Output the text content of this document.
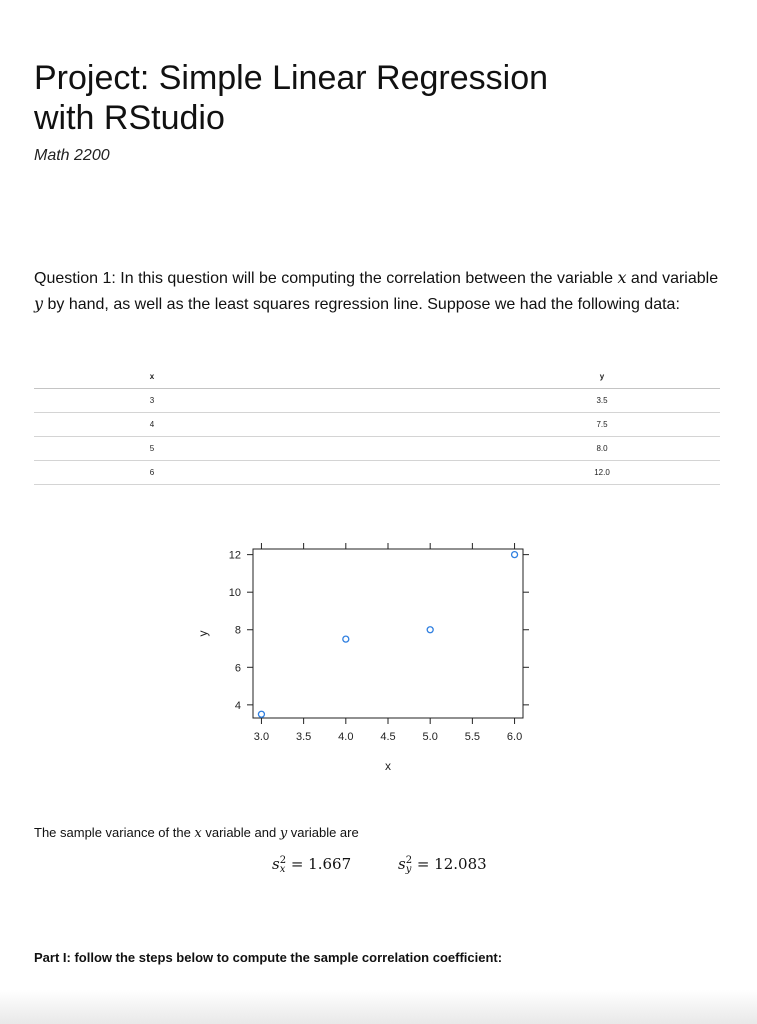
Project: Simple Linear Regression
with RStudio
Math 2200
Question 1: In this question will be computing the correlation between the variable x and variable y by hand, as well as the least squares regression line. Suppose we had the following data:
x		y
3		3.5
4		7.5
5		8.0
6		12.0
3.0 3.5 4.0 4.5 5.0 5.5 6.0
4
6
8
10
12
x
y
The sample variance of the x variable and y variable are
s 2
x = 1.667	s 2
y = 12.083
Part I: follow the steps below to compute the sample correlation coefficient:
